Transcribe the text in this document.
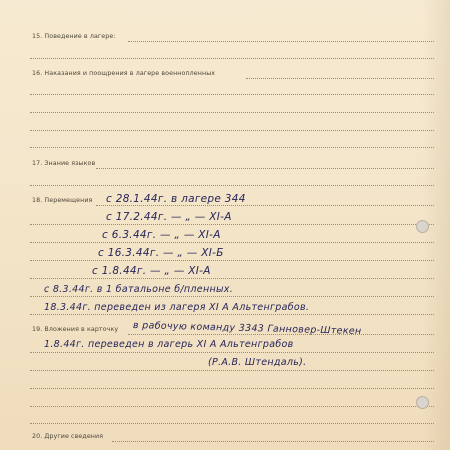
15. Поведение в лагере:
16. Наказания и поощрения в лагере военнопленных
17. Знание языков
18. Перемещения с 28.1.44г. в лагере 344
с 17.2.44г. — „ — XI-А
с 6.3.44г. — „ — XI-А
с 16.3.44г. — „ — XI-Б
с 1.8.44г. — „ — XI-А
с 8.3.44г. в 1 батальоне б/пленных.
18.3.44г. переведен из лагеря XI А Альтенграбов.
19. Вложения в карточку в рабочую команду 3343 Ганновер-Штекен
1.8.44г. переведен в лагерь XI А Альтенграбов
(Р.А.В. Штендаль).
20. Другие сведения
